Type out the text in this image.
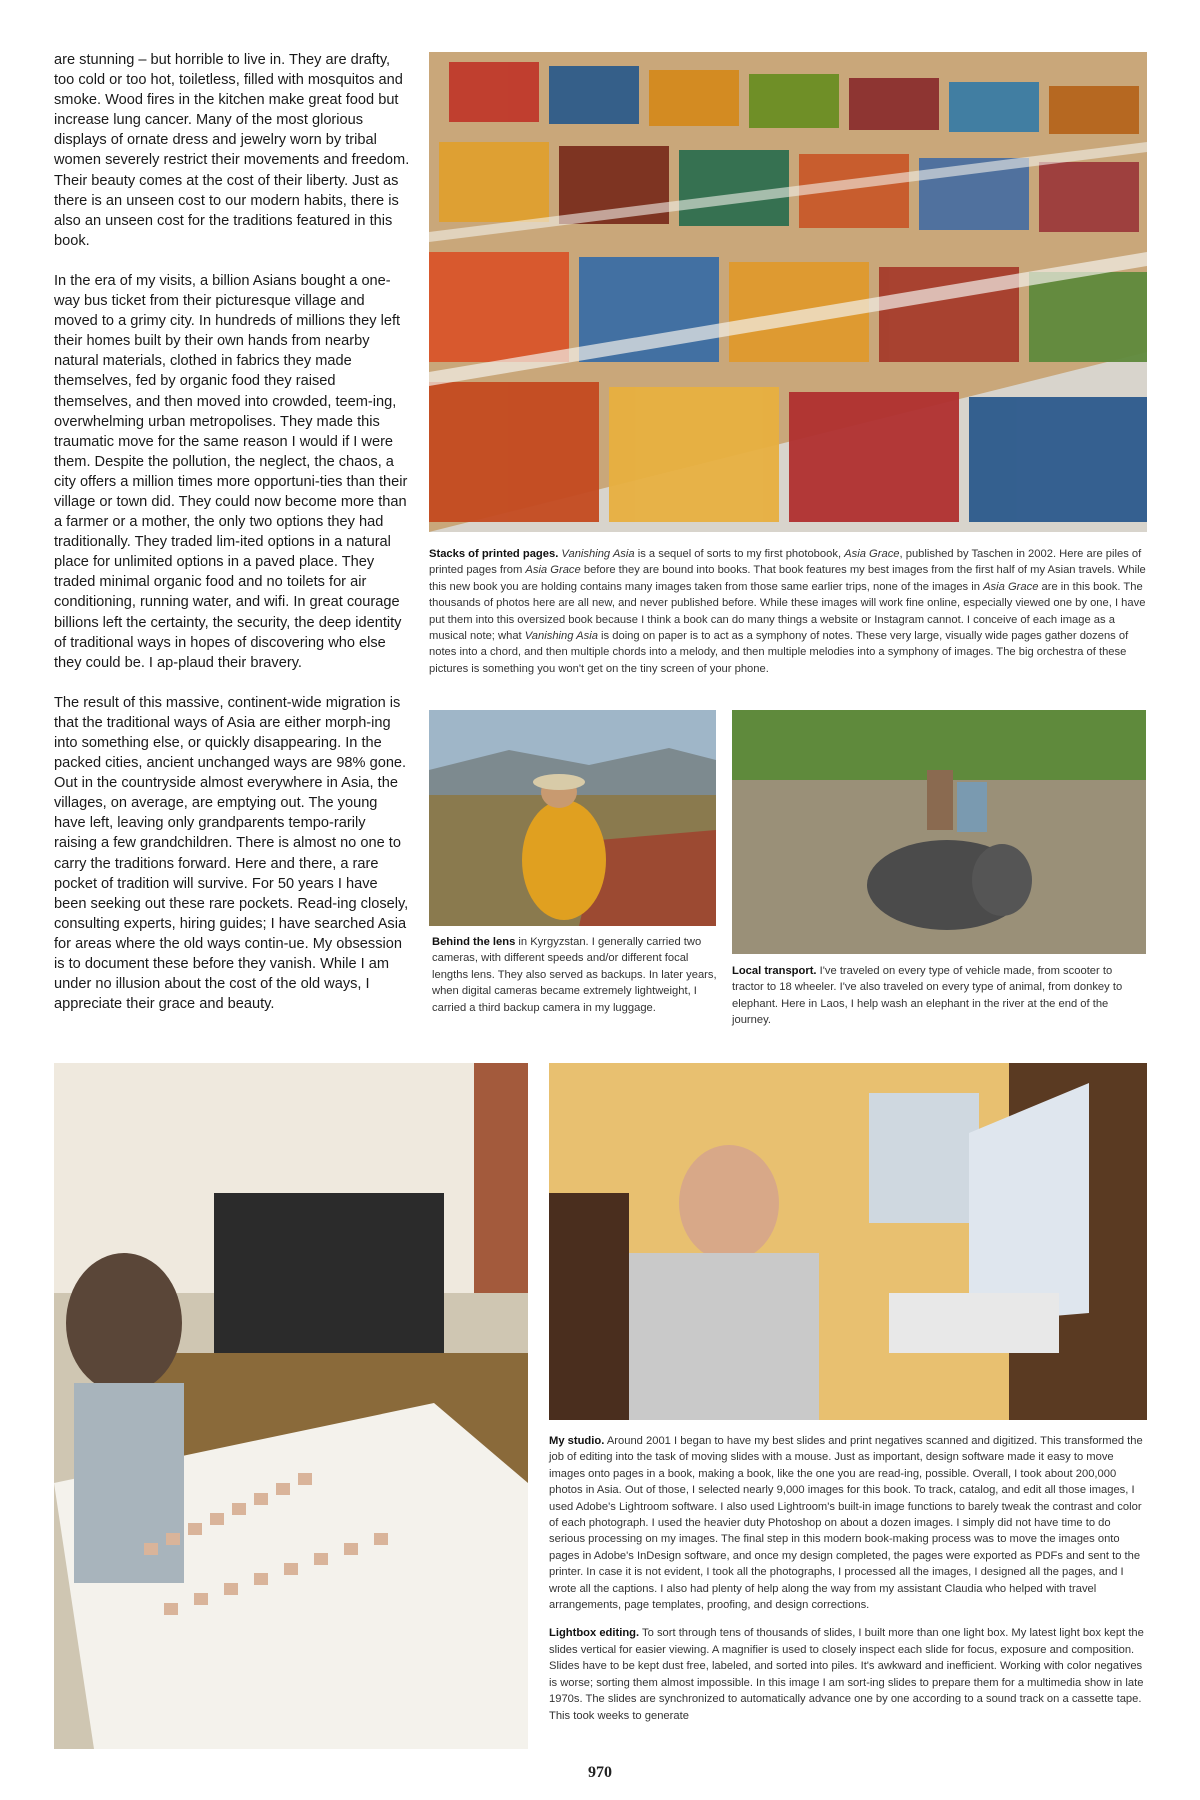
are stunning – but horrible to live in. They are drafty, too cold or too hot, toiletless, filled with mosquitos and smoke. Wood fires in the kitchen make great food but increase lung cancer. Many of the most glorious displays of ornate dress and jewelry worn by tribal women severely restrict their movements and freedom. Their beauty comes at the cost of their liberty. Just as there is an unseen cost to our modern habits, there is also an unseen cost for the traditions featured in this book.

In the era of my visits, a billion Asians bought a one-way bus ticket from their picturesque village and moved to a grimy city. In hundreds of millions they left their homes built by their own hands from nearby natural materials, clothed in fabrics they made themselves, fed by organic food they raised themselves, and then moved into crowded, teem-ing, overwhelming urban metropolises. They made this traumatic move for the same reason I would if I were them. Despite the pollution, the neglect, the chaos, a city offers a million times more opportuni-ties than their village or town did. They could now become more than a farmer or a mother, the only two options they had traditionally. They traded lim-ited options in a natural place for unlimited options in a paved place. They traded minimal organic food and no toilets for air conditioning, running water, and wifi. In great courage billions left the certainty, the security, the deep identity of traditional ways in hopes of discovering who else they could be. I ap-plaud their bravery.

The result of this massive, continent-wide migration is that the traditional ways of Asia are either morph-ing into something else, or quickly disappearing. In the packed cities, ancient unchanged ways are 98% gone. Out in the countryside almost everywhere in Asia, the villages, on average, are emptying out. The young have left, leaving only grandparents tempo-rarily raising a few grandchildren. There is almost no one to carry the traditions forward. Here and there, a rare pocket of tradition will survive. For 50 years I have been seeking out these rare pockets. Read-ing closely, consulting experts, hiring guides; I have searched Asia for areas where the old ways contin-ue. My obsession is to document these before they vanish. While I am under no illusion about the cost of the old ways, I appreciate their grace and beauty.

Stacks of printed pages. Vanishing Asia is a sequel of sorts to my first photobook, Asia Grace, published by Taschen in 2002. Here are piles of printed pages from Asia Grace before they are bound into books. That book features my best images from the first half of my Asian travels. While this new book you are holding contains many images taken from those same earlier trips, none of the images in Asia Grace are in this book. The thousands of photos here are all new, and never published before. While these images will work fine online, especially viewed one by one, I have put them into this oversized book because I think a book can do many things a website or Instagram cannot. I conceive of each image as a musical note; what Vanishing Asia is doing on paper is to act as a symphony of notes. These very large, visually wide pages gather dozens of notes into a chord, and then multiple chords into a melody, and then multiple melodies into a symphony of images. The big orchestra of these pictures is something you won't get on the tiny screen of your phone.
Behind the lens in Kyrgyzstan. I generally carried two cameras, with different speeds and/or different focal lengths lens. They also served as backups. In later years, when digital cameras became extremely lightweight, I carried a third backup camera in my luggage.
Local transport. I've traveled on every type of vehicle made, from scooter to tractor to 18 wheeler. I've also traveled on every type of animal, from donkey to elephant. Here in Laos, I help wash an elephant in the river at the end of the journey.

My studio. Around 2001 I began to have my best slides and print negatives scanned and digitized. This transformed the job of editing into the task of moving slides with a mouse. Just as important, design software made it easy to move images onto pages in a book, making a book, like the one you are read-ing, possible. Overall, I took about 200,000 photos in Asia. Out of those, I selected nearly 9,000 images for this book. To track, catalog, and edit all those images, I used Adobe's Lightroom software. I also used Lightroom's built-in image functions to barely tweak the contrast and color of each photograph. I used the heavier duty Photoshop on about a dozen images. I simply did not have time to do serious processing on my images. The final step in this modern book-making process was to move the images onto pages in Adobe's InDesign software, and once my design completed, the pages were exported as PDFs and sent to the printer. In case it is not evident, I took all the photographs, I processed all the images, I designed all the pages, and I wrote all the captions. I also had plenty of help along the way from my assistant Claudia who helped with travel arrangements, page templates, proofing, and design corrections.

Lightbox editing. To sort through tens of thousands of slides, I built more than one light box. My latest light box kept the slides vertical for easier viewing. A magnifier is used to closely inspect each slide for focus, exposure and composition. Slides have to be kept dust free, labeled, and sorted into piles. It's awkward and inefficient. Working with color negatives is worse; sorting them almost impossible. In this image I am sort-ing slides to prepare them for a multimedia show in late 1970s. The slides are synchronized to automatically advance one by one according to a sound track on a cassette tape. This took weeks to generate

970
